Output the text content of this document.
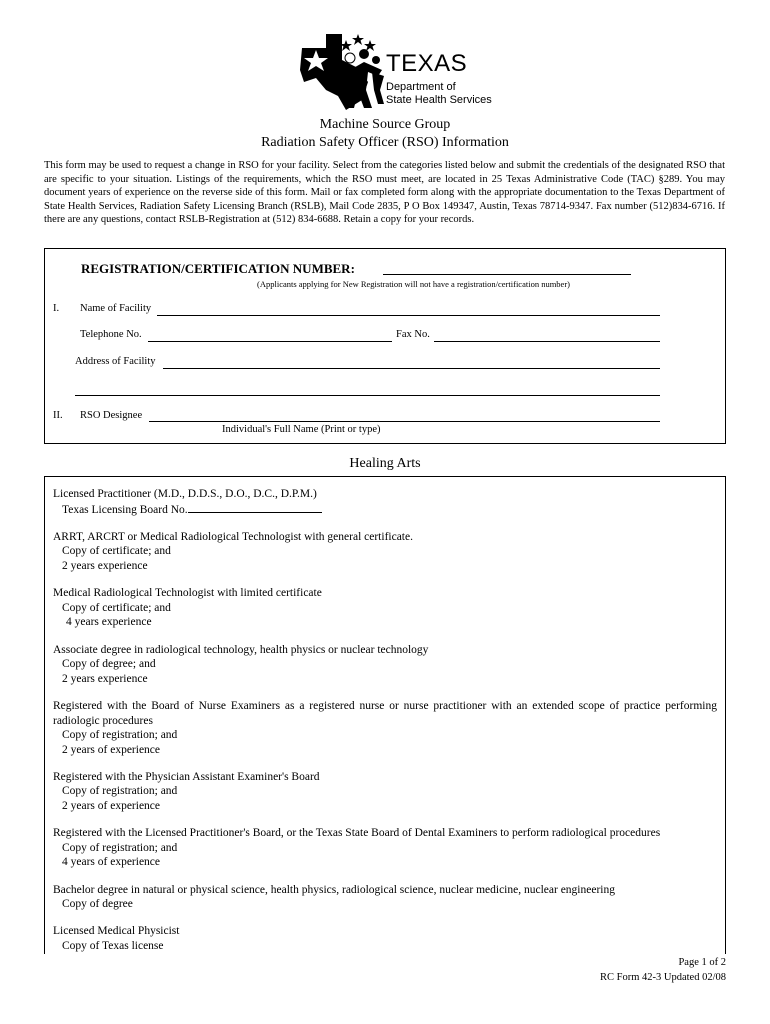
TEXAS
Department of
State Health Services
Machine Source Group
Radiation Safety Officer (RSO) Information

This form may be used to request a change in RSO for your facility. Select from the categories listed below and submit the credentials of the designated RSO that are specific to your situation. Listings of the requirements, which the RSO must meet, are located in 25 Texas Administrative Code (TAC) §289. You may document years of experience on the reverse side of this form. Mail or fax completed form along with the appropriate documentation to the Texas Department of State Health Services, Radiation Safety Licensing Branch (RSLB), Mail Code 2835, P O Box 149347, Austin, Texas 78714-9347. Fax number (512)834-6716. If there are any questions, contact RSLB-Registration at (512) 834-6688. Retain a copy for your records.

REGISTRATION/CERTIFICATION NUMBER:
(Applicants applying for New Registration will not have a registration/certification number)
I. Name of Facility
Telephone No.	Fax No.
Address of Facility
II. RSO Designee
Individual's Full Name (Print or type)
Healing Arts
Licensed Practitioner (M.D., D.D.S., D.O., D.C., D.P.M.)
Texas Licensing Board No.
ARRT, ARCRT or Medical Radiological Technologist with general certificate.
Copy of certificate; and
2 years experience
Medical Radiological Technologist with limited certificate
Copy of certificate; and
4 years experience
Associate degree in radiological technology, health physics or nuclear technology
Copy of degree; and
2 years experience
Registered with the Board of Nurse Examiners as a registered nurse or nurse practitioner with an extended scope of practice performing radiologic procedures
Copy of registration; and
2 years of experience
Registered with the Physician Assistant Examiner's Board
Copy of registration; and
2 years of experience
Registered with the Licensed Practitioner's Board, or the Texas State Board of Dental Examiners to perform radiological procedures
Copy of registration; and
4 years of experience
Bachelor degree in natural or physical science, health physics, radiological science, nuclear medicine, nuclear engineering
Copy of degree
Licensed Medical Physicist
Copy of Texas license
Page 1 of 2
RC Form 42-3 Updated 02/08
